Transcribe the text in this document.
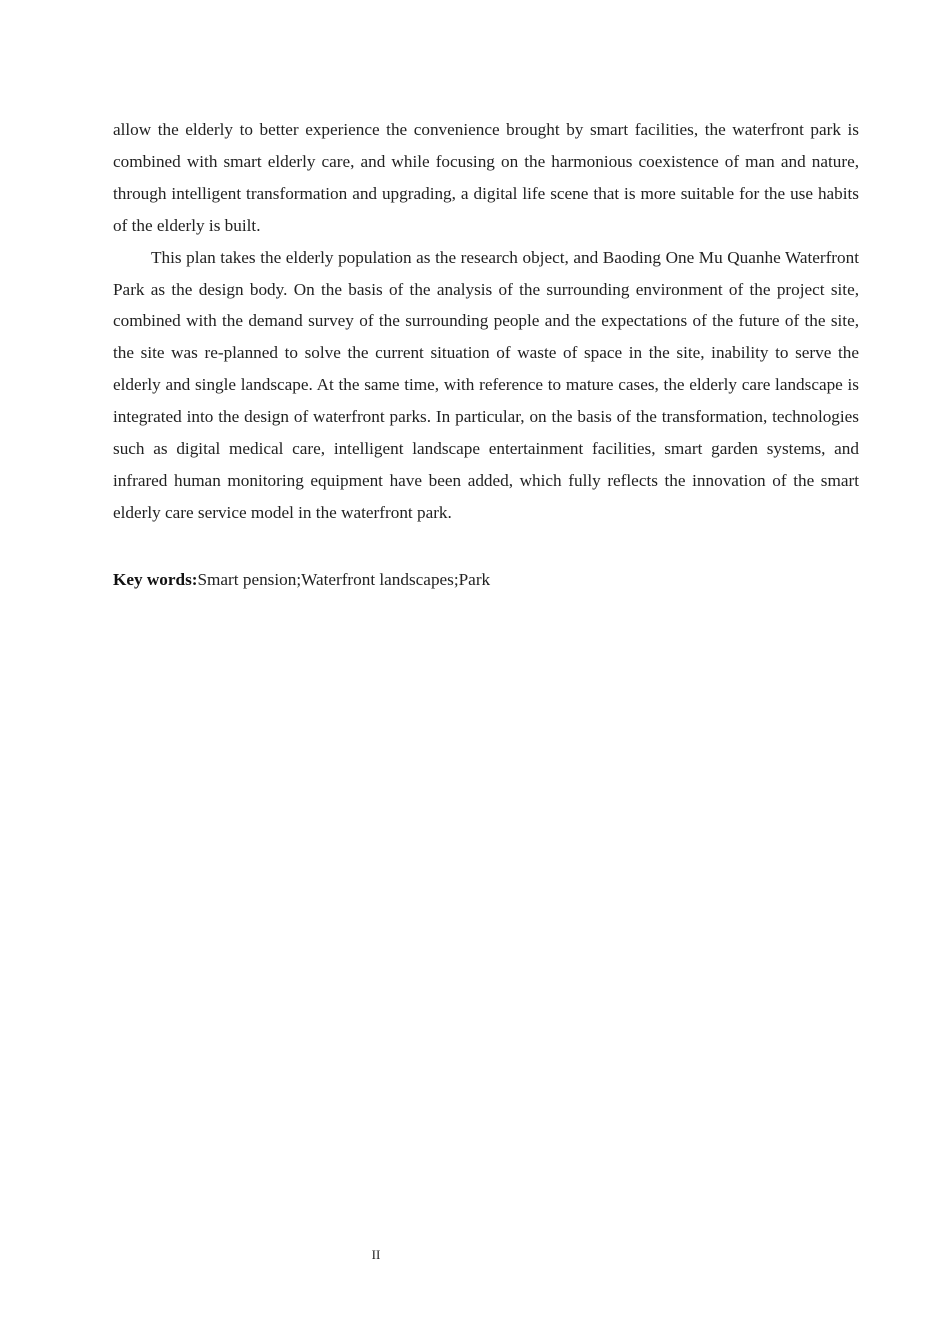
allow the elderly to better experience the convenience brought by smart facilities, the waterfront park is combined with smart elderly care, and while focusing on the harmonious coexistence of man and nature, through intelligent transformation and upgrading, a digital life scene that is more suitable for the use habits of the elderly is built.

This plan takes the elderly population as the research object, and Baoding One Mu Quanhe Waterfront Park as the design body. On the basis of the analysis of the surrounding environment of the project site, combined with the demand survey of the surrounding people and the expectations of the future of the site, the site was re-planned to solve the current situation of waste of space in the site, inability to serve the elderly and single landscape. At the same time, with reference to mature cases, the elderly care landscape is integrated into the design of waterfront parks. In particular, on the basis of the transformation, technologies such as digital medical care, intelligent landscape entertainment facilities, smart garden systems, and infrared human monitoring equipment have been added, which fully reflects the innovation of the smart elderly care service model in the waterfront park.

Key words:Smart pension;Waterfront landscapes;Park

II
